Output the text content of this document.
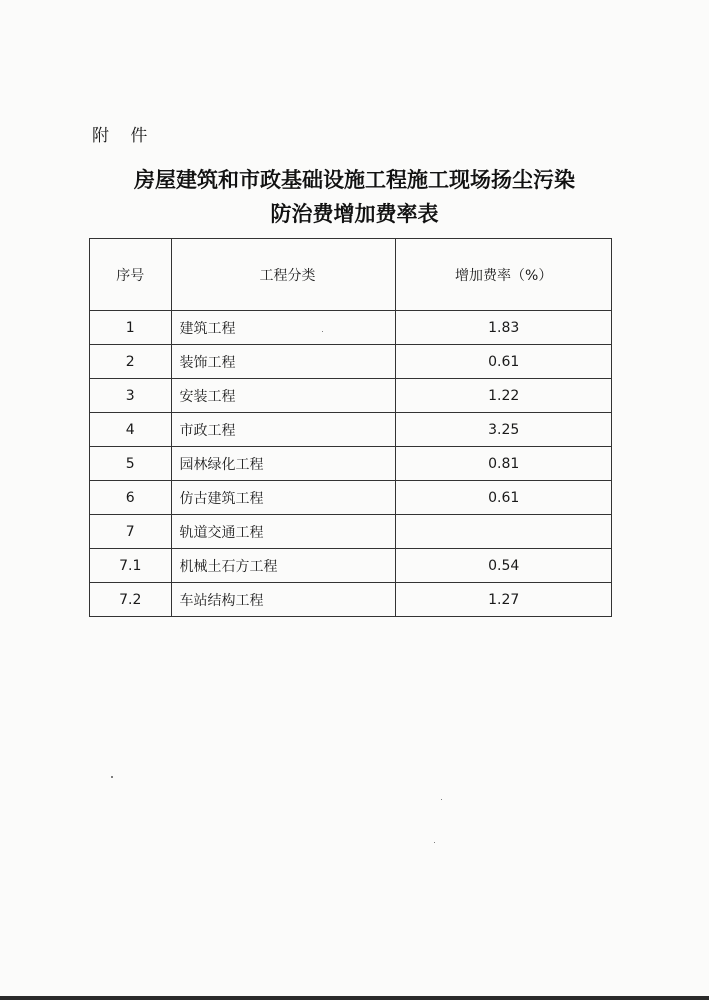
附 件
房屋建筑和市政基础设施工程施工现场扬尘污染
防治费增加费率表
序号	工程分类	增加费率（%）
1	建筑工程	1.83
2	装饰工程	0.61
3	安装工程	1.22
4	市政工程	3.25
5	园林绿化工程	0.81
6	仿古建筑工程	0.61
7	轨道交通工程	
7.1	机械土石方工程	0.54
7.2	车站结构工程	1.27
